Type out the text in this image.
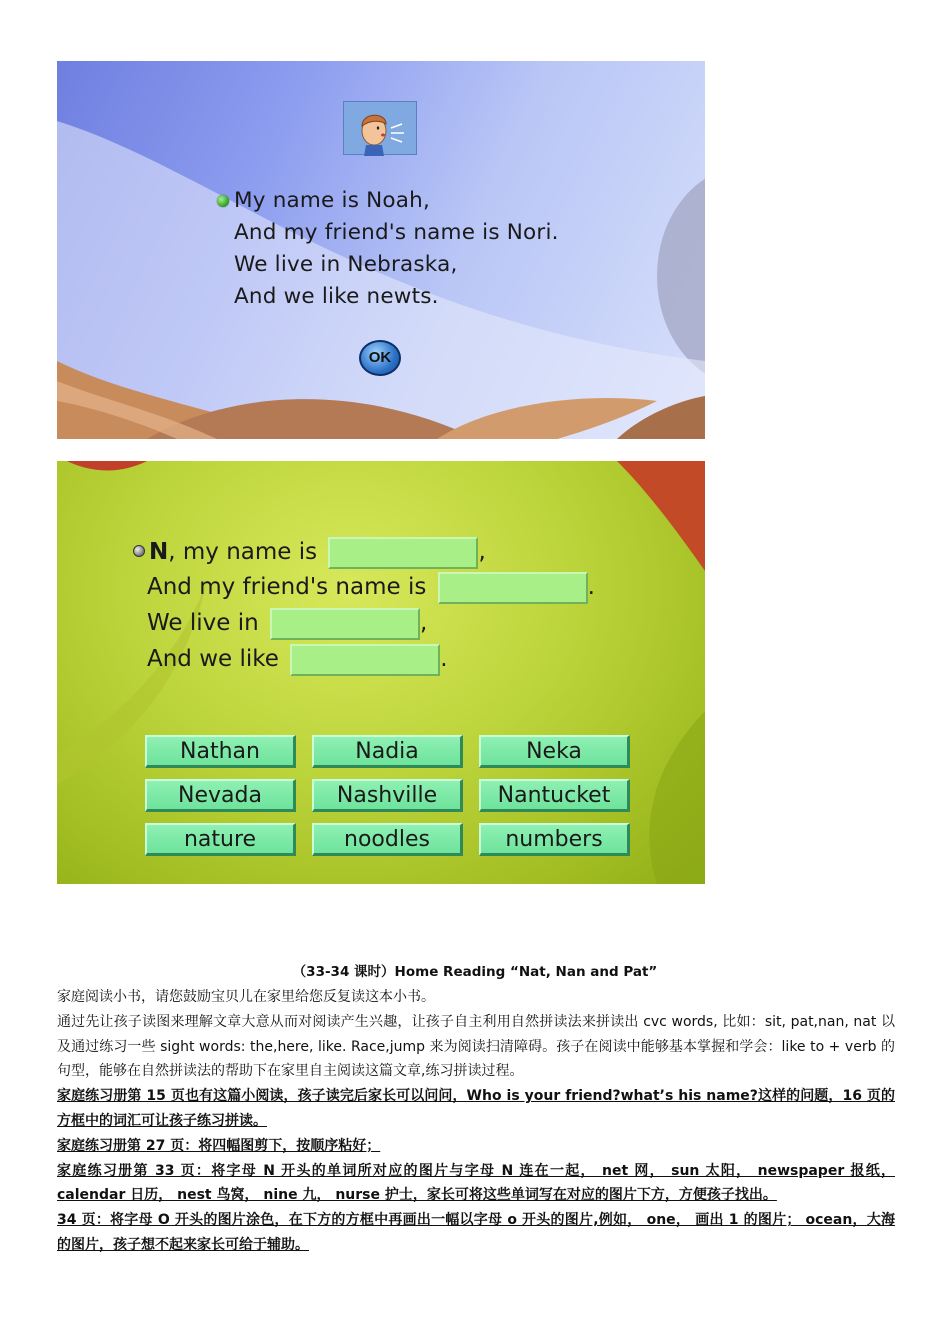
My name is Noah,
And my friend's name is Nori.
We live in Nebraska,
And we like newts.
OK
N, my name is	,
And my friend's name is	.
We live in	,
And we like	.
Nathan	Nadia	Neka
Nevada	Nashville	Nantucket
nature	noodles	numbers
（33-34 课时）Home Reading “Nat, Nan and Pat”

家庭阅读小书，请您鼓励宝贝儿在家里给您反复读这本小书。

通过先让孩子读图来理解文章大意从而对阅读产生兴趣，让孩子自主利用自然拼读法来拼读出 cvc words, 比如：sit, pat,nan, nat 以及通过练习一些 sight words: the,here, like. Race,jump 来为阅读扫清障碍。孩子在阅读中能够基本掌握和学会：like to + verb 的句型，能够在自然拼读法的帮助下在家里自主阅读这篇文章,练习拼读过程。

家庭练习册第 15 页也有这篇小阅读，孩子读完后家长可以问问，Who is your friend?what’s his name?这样的问题，16 页的方框中的词汇可让孩子练习拼读。

家庭练习册第 27 页：将四幅图剪下，按顺序粘好；

家庭练习册第 33 页：将字母 N 开头的单词所对应的图片与字母 N 连在一起， net 网， sun 太阳， newspaper 报纸， calendar 日历， nest 鸟窝， nine 九， nurse 护士，家长可将这些单词写在对应的图片下方，方便孩子找出。

34 页：将字母 O 开头的图片涂色，在下方的方框中再画出一幅以字母 o 开头的图片,例如， one， 画出 1 的图片； ocean，大海的图片，孩子想不起来家长可给于辅助。
